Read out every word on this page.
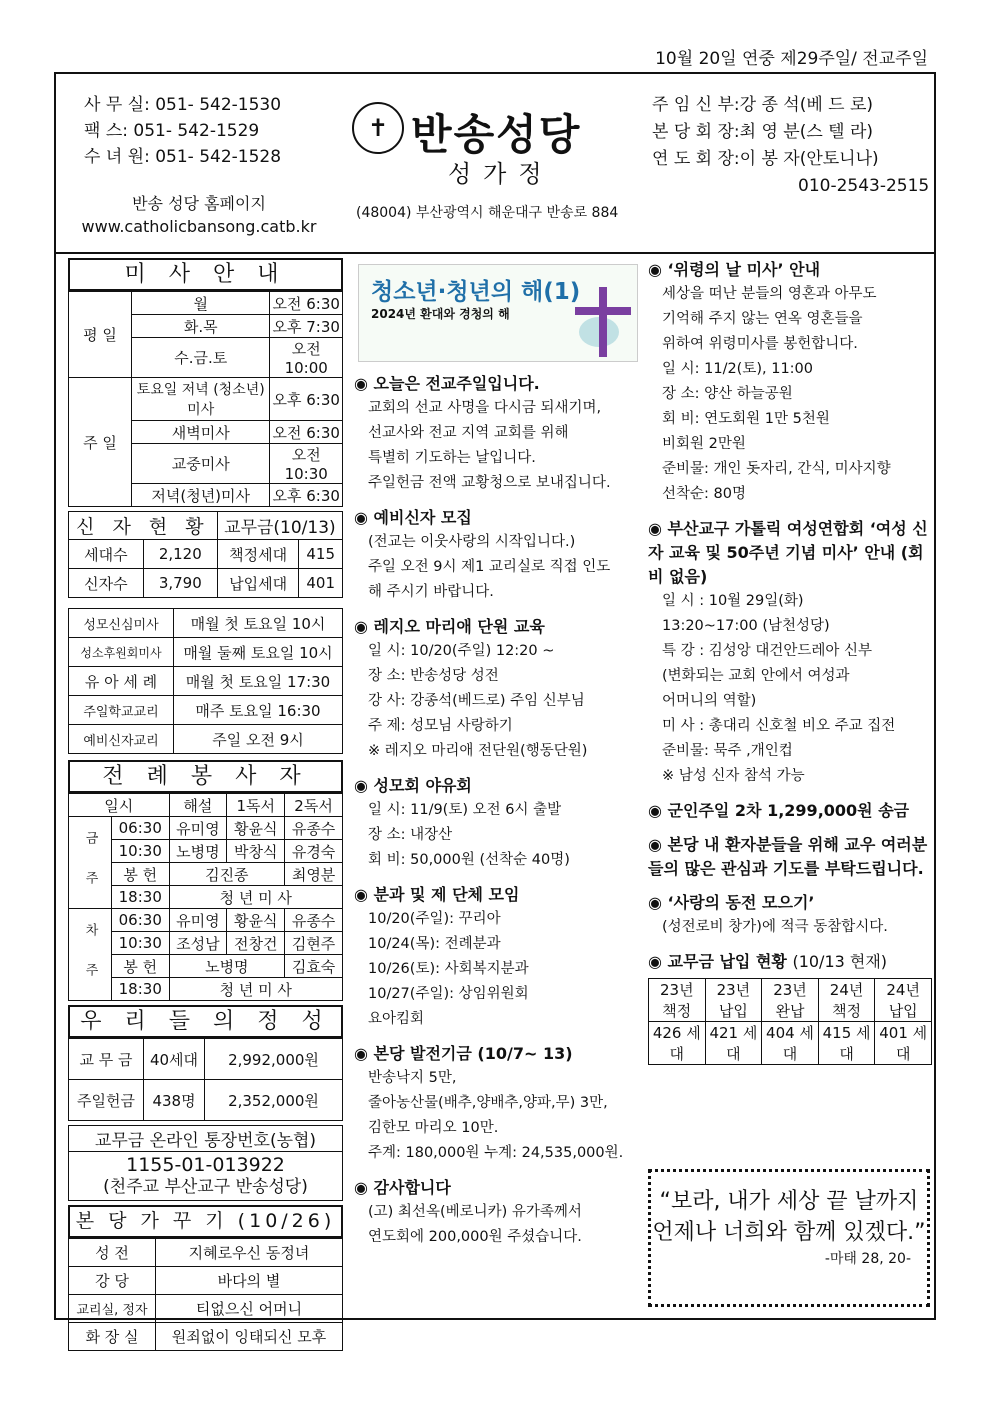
10월 20일 연중 제29주일/ 전교주일
사 무 실: 051- 542-1530
팩 스: 051- 542-1529
수 녀 원: 051- 542-1528
반송 성당 홈페이지
www.catholicbansong.catb.kr
✝ 반송성당
성가정
(48004) 부산광역시 해운대구 반송로 884
주 임 신 부:강 종 석(베 드 로)
본 당 회 장:최 영 분(스 텔 라)
연 도 회 장:이 봉 자(안토니나)
010-2543-2515
미 사 안 내
평 일	월	오전 6:30
	화.목	오후 7:30
	수.금.토	오전10:00
주 일	토요일 저녁 (청소년)미사	오후 6:30
	새벽미사	오전 6:30
	교중미사	오전10:30
	저녁(청년)미사	오후 6:30
신 자 현 황		교무금(10/13)	
세대수	2,120	책정세대	415
신자수	3,790	납입세대	401
성모신심미사	매월 첫 토요일 10시
성소후원회미사	매월 둘째 토요일 10시
유 아 세 례	매월 첫 토요일 17:30
주일학교교리	매주 토요일 16:30
예비신자교리	주일 오전 9시
전 례 봉 사 자
일시		해설	1독서	2독서
금 주	06:30	유미영	황윤식	유종수
	10:30	노병명	박창식	유경숙
	봉 헌	김진종		최영분
	18:30	청 년 미 사		
차 주	06:30	유미영	황윤식	유종수
	10:30	조성남	전창건	김현주
	봉 헌	노병명		김효숙
	18:30	청 년 미 사		
우 리 들 의 정 성
교 무 금	40세대	2,992,000원
주일헌금	438명	2,352,000원
교무금 온라인 통장번호(농협)

1155-01-013922
(천주교 부산교구 반송성당)
본 당 가 꾸 기 (10/26)
성 전	지혜로우신 동정녀
강 당	바다의 별
교리실, 정자	티없으신 어머니
화 장 실	원죄없이 잉태되신 모후
청소년·청년의 해(1)
2024년 환대와 경청의 해
◉ 오늘은 전교주일입니다.
교회의 선교 사명을 다시금 되새기며,
선교사와 전교 지역 교회를 위해
특별히 기도하는 날입니다.
주일헌금 전액 교황청으로 보내집니다.
◉ 예비신자 모집
(전교는 이웃사랑의 시작입니다.)
주일 오전 9시 제1 교리실로 직접 인도
해 주시기 바랍니다.
◉ 레지오 마리애 단원 교육
일 시: 10/20(주일) 12:20 ~
장 소: 반송성당 성전
강 사: 강종석(베드로) 주임 신부님
주 제: 성모님 사랑하기
※ 레지오 마리애 전단원(행동단원)
◉ 성모회 야유회
일 시: 11/9(토) 오전 6시 출발
장 소: 내장산
회 비: 50,000원 (선착순 40명)
◉ 분과 및 제 단체 모임
10/20(주일): 꾸리아
10/24(목): 전례분과
10/26(토): 사회복지분과
10/27(주일): 상임위원회
요아킴회
◉ 본당 발전기금 (10/7~ 13)
반송낙지 5만,
줄아농산물(배추,양배추,양파,무) 3만,
김한모 마리오 10만.
주계: 180,000원 누계: 24,535,000원.
◉ 감사합니다
(고) 최선옥(베로니카) 유가족께서
연도회에 200,000원 주셨습니다.
◉ ‘위령의 날 미사’ 안내
세상을 떠난 분들의 영혼과 아무도
기억해 주지 않는 연옥 영혼들을
위하여 위령미사를 봉헌합니다.
일 시: 11/2(토), 11:00
장 소: 양산 하늘공원
회 비: 연도회원 1만 5천원
비회원 2만원
준비물: 개인 돗자리, 간식, 미사지향
선착순: 80명
◉ 부산교구 가톨릭 여성연합회 ‘여성 신자 교육 및 50주년 기념 미사’ 안내 (회비 없음)
일 시 : 10월 29일(화)
13:20~17:00 (남천성당)
특 강 : 김성앙 대건안드레아 신부
(변화되는 교회 안에서 여성과
어머니의 역할)
미 사 : 총대리 신호철 비오 주교 집전
준비물: 묵주 ,개인컵
※ 남성 신자 참석 가능
◉ 군인주일 2차 1,299,000원 송금
◉ 본당 내 환자분들을 위해 교우 여러분들의 많은 관심과 기도를 부탁드립니다.
◉ ‘사랑의 동전 모으기’
(성전로비 창가)에 적극 동참합시다.
◉ 교무금 납입 현황 (10/13 현재)
23년 책정	23년 납입	23년 완납	24년 책정	24년 납입
426 세대	421 세대	404 세대	415 세대	401 세대
“보라, 내가 세상 끝 날까지 언제나 너희와 함께 있겠다.”
-마태 28, 20-
